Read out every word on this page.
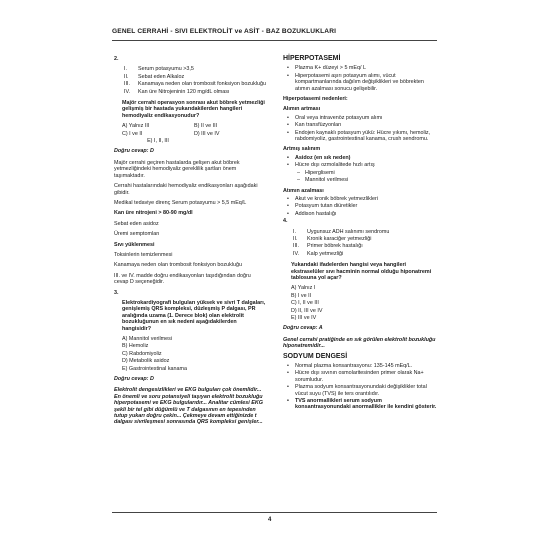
GENEL CERRAHİ - SIVI ELEKTROLİT ve ASİT - BAZ BOZUKLUKLARI

2.

I.	Serum potasyumu >3,5
II.	Sebat eden Alkaloz
III.	Kanamaya neden olan trombosit fonksiyon bozukluğu
IV.	Kan üre Nitrojeninin 120 mg/dL olması

Majör cerrahi operasyon sonrası akut böbrek yetmezliği gelişmiş bir hastada yukarıdakilerden hangileri hemodiyaliz endikasyonudur?

A) Yalnız III	B) II ve III
C) I ve II	D) III ve IV
E) I, II, III

Doğru cevap: D

Majör cerrahi geçiren hastalarda gelişen akut böbrek yetmezliğindeki hemodiyaliz gereklilik şartları önem taşımaktadır.

Cerrahi hastalarındaki hemodiyaliz endikasyonları aşağıdaki gibidir.

Medikal tedaviye direnç Serum potasyumu > 5,5 mEq/L

Kan üre nitrojeni > 80-90 mg/dl

Sebat eden asidoz

Üremi semptomları

Sıvı yüklenmesi

Toksinlerin temizlenmesi

Kanamaya neden olan trombosit fonksiyon bozukluğu

III. ve IV. madde doğru endikasyonları taşıdığından doğru cevap D seçeneğidir.

3.

Elektrokardiyografi bulguları yüksek ve sivri T dalgaları, genişlemiş QRS kompleksi, düzleşmiş P dalgası, PR aralığında uzama (1. Derece blok) olan elektrolit bozukluğunun en sık nedeni aşağıdakilerden hangisidir?

A) Mannitol verilmesi
B) Hemoliz
C) Rabdomiyoliz
D) Metabolik asidoz
E) Gastrointestinal kanama

Doğru cevap: D

Elektrolit dengesizlikleri ve EKG bulguları çok önemlidir... En önemli ve soru potansiyeli taşıyan elektrolit bozukluğu hiperpotasemi ve EKG bulgularıdır... Analitar cümlesi EKG şekli bir tel gibi düğümlü ve T dalgasının en tepesinden tutup yukarı doğru çekin... Çekmeye devam ettiğinizde t dalgası sivrileşmesi sonrasında QRS kompleksi genişler...

HİPERPOTASEMİ

• Plazma K+ düzeyi > 5 mEq/ L

• Hiperpotasemi aşırı potasyum alımı, vücut kompartmanlarında dağılım değişiklikleri ve böbrekten atımın azalması sonucu gelişebilir.

Hiperpotasemi nedenleri:

Alımın artması

• Oral veya intravenöz potasyum alımı

• Kan transfüzyonları

• Endojen kaynaklı potasyum yükü: Hücre yıkımı, hemoliz, rabdomiyoliz, gastrointestinal kanama, crush sendromu.

Artmış salınım

• Asidoz (en sık neden)

• Hücre dışı ozmolalitede hızlı artış

– Hiperglisemi

– Mannitol verilmesi

Atımın azalması

• Akut ve kronik böbrek yetmezlikleri

• Potasyum tutan diüretikler

• Addison hastalığı

4.

I.	Uygunsuz ADH salınımı sendromu
II.	Kronik karaciğer yetmezliği
III.	Primer böbrek hastalığı
IV.	Kalp yetmezliği

Yukarıdaki ifadelerden hangisi veya hangileri ekstraselüler sıvı hacminin normal olduğu hiponatremi tablosuna yol açar?

A) Yalnız I
B) I ve II
C) I, II ve III
D) II, III ve IV
E) III ve IV

Doğru cevap: A

Genel cerrahi pratiğinde en sık görülen elektrolit bozukluğu hiponatremidir...

SODYUM DENGESİ

• Normal plazma konsantrasyonu: 135-145 mEq/L.

• Hücre dışı sıvının osmolaritesinden primer olarak Na+ sorumludur.

• Plazma sodyum konsantrasyonundaki değişiklikler total vücut suyu (TVS) ile ters orantılıdır.

• TVS anormallikleri serum sodyum konsantrasyonundaki anormallikler ile kendini gösterir.

4
